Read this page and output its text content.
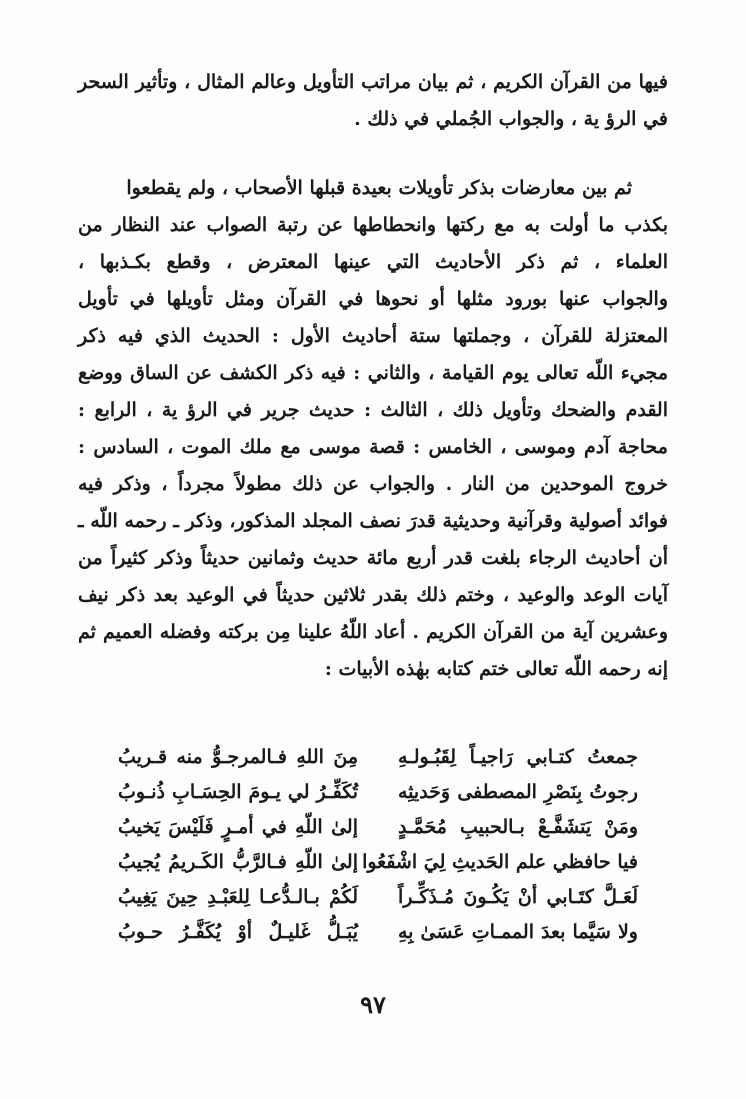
فيها من القرآن الكريم ، ثم بيان مراتب التأويل وعالم المثال ، وتأثير السحر
في الرؤ ية ، والجواب الجُملي في ذلك .

ثم بين معارضات بذكر تأويلات بعيدة قبلها الأصحاب ، ولم يقطعوا
بكذب ما أولت به مع ركتها وانحطاطها عن رتبة الصواب عند النظار من
العلماء ، ثم ذكر الأحاديث التي عينها المعترض ، وقطع بكـذبها ،
والجواب عنها بورود مثلها أو نحوها في القرآن ومثل تأويلها في تأويل
المعتزلة للقرآن ، وجملتها ستة أحاديث الأول : الحديث الذي فيه ذكر
مجيء اللّه تعالى يوم القيامة ، والثاني : فيه ذكر الكشف عن الساق ووضع
القدم والضحك وتأويل ذلك ، الثالث : حديث جرير في الرؤ ية ، الرابع :
محاجة آدم وموسى ، الخامس : قصة موسى مع ملك الموت ، السادس :
خروج الموحدين من النار . والجواب عن ذلك مطولاً مجرداً ، وذكر فيه
فوائد أصولية وقرآنية وحديثية قدرَ نصف المجلد المذكور، وذكر ـ رحمه اللّه ـ
أن أحاديث الرجاء بلغت قدر أربع مائة حديث وثمانين حديثاً وذكر كثيراً من
آيات الوعد والوعيد ، وختم ذلك بقدر ثلاثين حديثاً في الوعيد بعد ذكر نيف
وعشرين آية من القرآن الكريم . أعاد اللّهُ علينا مِن بركته وفضله العميم ثم
إنه رحمه اللّه تعالى ختم كتابه بهٰذه الأبيات :

جمعتُ كتـابي رَاجيـاً لِقَبُـولـهِ
مِنَ اللهِ فـالمرجـوُّ منه قـريبُ
رجوتُ بِنَصْرِ المصطفى وَحَديثِه
تُكَفِّـرُ لي يـومَ الحِسَـابِ ذُنـوبُ
ومَنْ يَتشَفَّـعْ بـالحبيبِ مُحَمَّـدٍ
إلىٰ اللّهِ في أمـرٍ فَلَيْسَ يَخيبُ
فيا حافظي علم الحَديثِ لِيَ اشْفَعُوا
إلىٰ اللّهِ فـالرَّبُّ الكَـريمُ يُجيبُ
لَعَـلَّ كتَـابي أنْ يَكُـونَ مُـذَكِّـراً
لَكُمْ بـالـدُّعـا لِلعَبْـدِ حِينَ يَغِيبُ
ولا سَيَّما بعدَ الممـاتِ عَسَىٰ بِهِ
يُبَـلُّ غَليـلٌ أوْ يُكَفَّـرُ حـوبُ
٩٧
